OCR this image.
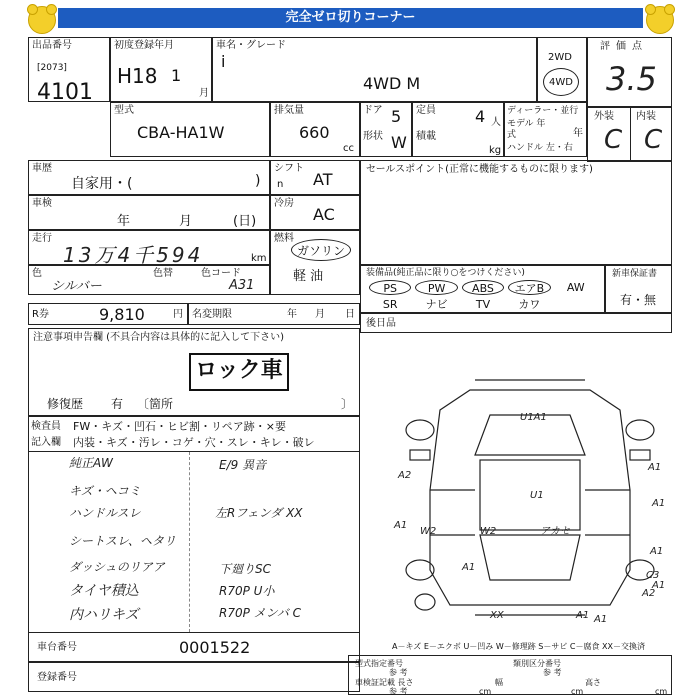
完全ゼロ切りコーナー
出品番号
[2073]
4101
初度登録年月
H18 1
月
車名・グレード
i
4WD M
2WD
4WD
評価点
3.5
型式
CBA-HA1W
排気量
660
cc
ドア 5
形状 W
定員 4 人
積載
kg
ディーラー・並行
モデル 年式	年
ハンドル 左・右
外装 内装
C C
車歴
自家用・(	)
シフト
n AT
車検
年	月	(日)
冷房
AC
走行
13万4千594	km
燃料
ガソリン
軽 油
色
シルバー
色替	色コード
A31
セールスポイント(正常に機能するものに限ります)
R券	9,810	円 名変期限	年 月 日
装備品(純正品に限り○をつけください)
PS	PW	ABS	エアB	AW
SR	ナビ	TV	カワ
新車保証書
有・無
後日品
注意事項申告欄 (不具合内容は具体的に記入して下さい)
ロック車
修復歴 有 〔箇所	〕
検査員
記入欄
FW・キズ・凹石・ヒビ割・リペア跡・×要
内装・キズ・汚レ・コゲ・穴・スレ・キレ・破レ
純正AW
キズ・ヘコミ
ハンドルスレ
シートスレ、ヘタリ
ダッシュのリアア
タイヤ積込
内ハリキズ
E/9 異音
左Rフェンダ XX
下廻りSC
R70P U小
R70P メンバ C
車台番号	0001522
登録番号
U1A1
A2
A1
U1
A1
W2	W2
A1
A1
A1
C3
A2
A1
XX	A1
アカセ
A1
A－キズ E－エクボ U－凹み W－修理跡 S－サビ C－腐食 XX－交換済
型式指定番号
参 考
類別区分番号
参 考
車検証記載 長さ
参 考	cm
幅
cm
高さ
cm
